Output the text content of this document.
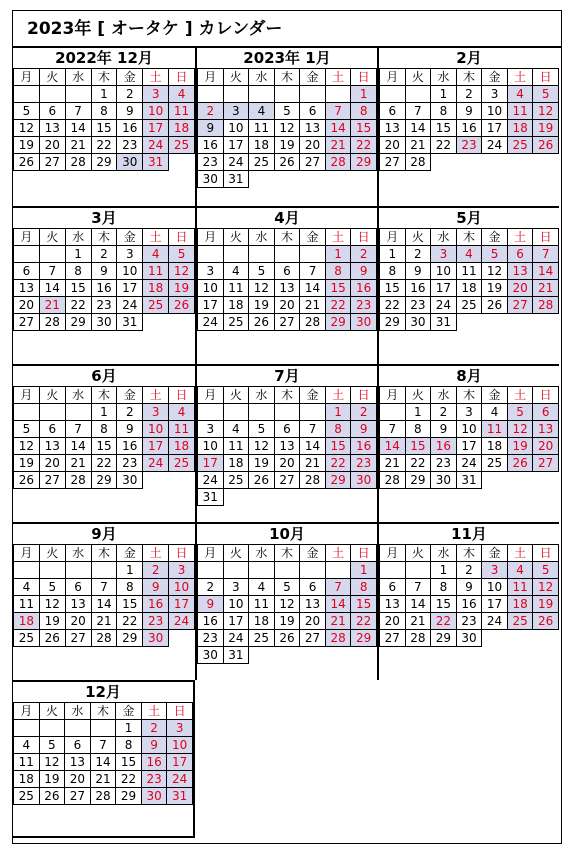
2023年 [ オータケ ] カレンダー
2022年 12月
月	火	水	木	金	土	日
			1	2	3	4
5	6	7	8	9	10	11
12	13	14	15	16	17	18
19	20	21	22	23	24	25
26	27	28	29	30	31	
2023年 1月
月	火	水	木	金	土	日
						1
2	3	4	5	6	7	8
9	10	11	12	13	14	15
16	17	18	19	20	21	22
23	24	25	26	27	28	29
30	31					
2月
月	火	水	木	金	土	日
		1	2	3	4	5
6	7	8	9	10	11	12
13	14	15	16	17	18	19
20	21	22	23	24	25	26
27	28					
3月
月	火	水	木	金	土	日
		1	2	3	4	5
6	7	8	9	10	11	12
13	14	15	16	17	18	19
20	21	22	23	24	25	26
27	28	29	30	31		
4月
月	火	水	木	金	土	日
					1	2
3	4	5	6	7	8	9
10	11	12	13	14	15	16
17	18	19	20	21	22	23
24	25	26	27	28	29	30
5月
月	火	水	木	金	土	日
1	2	3	4	5	6	7
8	9	10	11	12	13	14
15	16	17	18	19	20	21
22	23	24	25	26	27	28
29	30	31				
6月
月	火	水	木	金	土	日
			1	2	3	4
5	6	7	8	9	10	11
12	13	14	15	16	17	18
19	20	21	22	23	24	25
26	27	28	29	30		
7月
月	火	水	木	金	土	日
					1	2
3	4	5	6	7	8	9
10	11	12	13	14	15	16
17	18	19	20	21	22	23
24	25	26	27	28	29	30
31						
8月
月	火	水	木	金	土	日
	1	2	3	4	5	6
7	8	9	10	11	12	13
14	15	16	17	18	19	20
21	22	23	24	25	26	27
28	29	30	31			
9月
月	火	水	木	金	土	日
				1	2	3
4	5	6	7	8	9	10
11	12	13	14	15	16	17
18	19	20	21	22	23	24
25	26	27	28	29	30	
10月
月	火	水	木	金	土	日
						1
2	3	4	5	6	7	8
9	10	11	12	13	14	15
16	17	18	19	20	21	22
23	24	25	26	27	28	29
30	31					
11月
月	火	水	木	金	土	日
		1	2	3	4	5
6	7	8	9	10	11	12
13	14	15	16	17	18	19
20	21	22	23	24	25	26
27	28	29	30			
12月
月	火	水	木	金	土	日
				1	2	3
4	5	6	7	8	9	10
11	12	13	14	15	16	17
18	19	20	21	22	23	24
25	26	27	28	29	30	31
